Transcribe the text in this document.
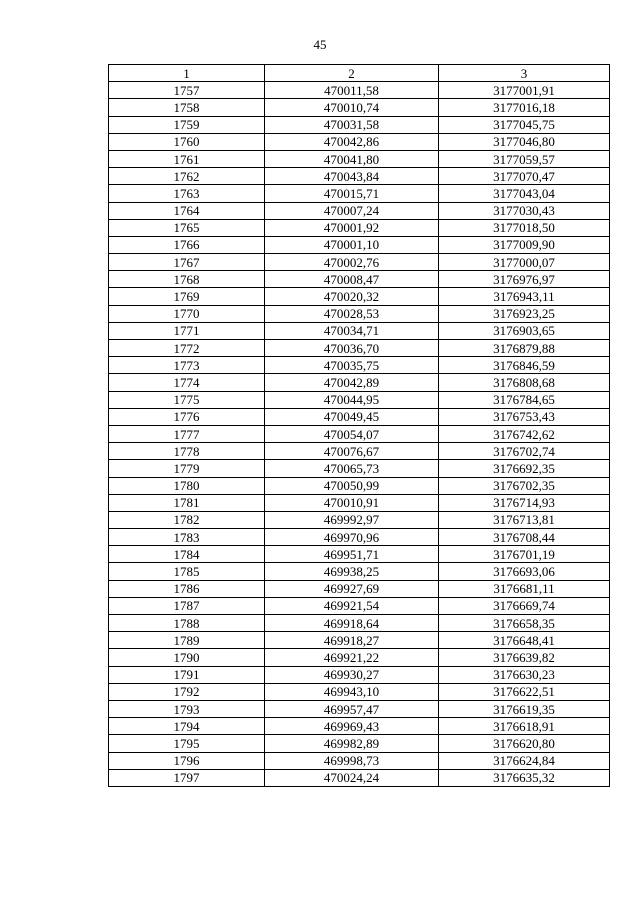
45
1	2	3
1757	470011,58	3177001,91
1758	470010,74	3177016,18
1759	470031,58	3177045,75
1760	470042,86	3177046,80
1761	470041,80	3177059,57
1762	470043,84	3177070,47
1763	470015,71	3177043,04
1764	470007,24	3177030,43
1765	470001,92	3177018,50
1766	470001,10	3177009,90
1767	470002,76	3177000,07
1768	470008,47	3176976,97
1769	470020,32	3176943,11
1770	470028,53	3176923,25
1771	470034,71	3176903,65
1772	470036,70	3176879,88
1773	470035,75	3176846,59
1774	470042,89	3176808,68
1775	470044,95	3176784,65
1776	470049,45	3176753,43
1777	470054,07	3176742,62
1778	470076,67	3176702,74
1779	470065,73	3176692,35
1780	470050,99	3176702,35
1781	470010,91	3176714,93
1782	469992,97	3176713,81
1783	469970,96	3176708,44
1784	469951,71	3176701,19
1785	469938,25	3176693,06
1786	469927,69	3176681,11
1787	469921,54	3176669,74
1788	469918,64	3176658,35
1789	469918,27	3176648,41
1790	469921,22	3176639,82
1791	469930,27	3176630,23
1792	469943,10	3176622,51
1793	469957,47	3176619,35
1794	469969,43	3176618,91
1795	469982,89	3176620,80
1796	469998,73	3176624,84
1797	470024,24	3176635,32
